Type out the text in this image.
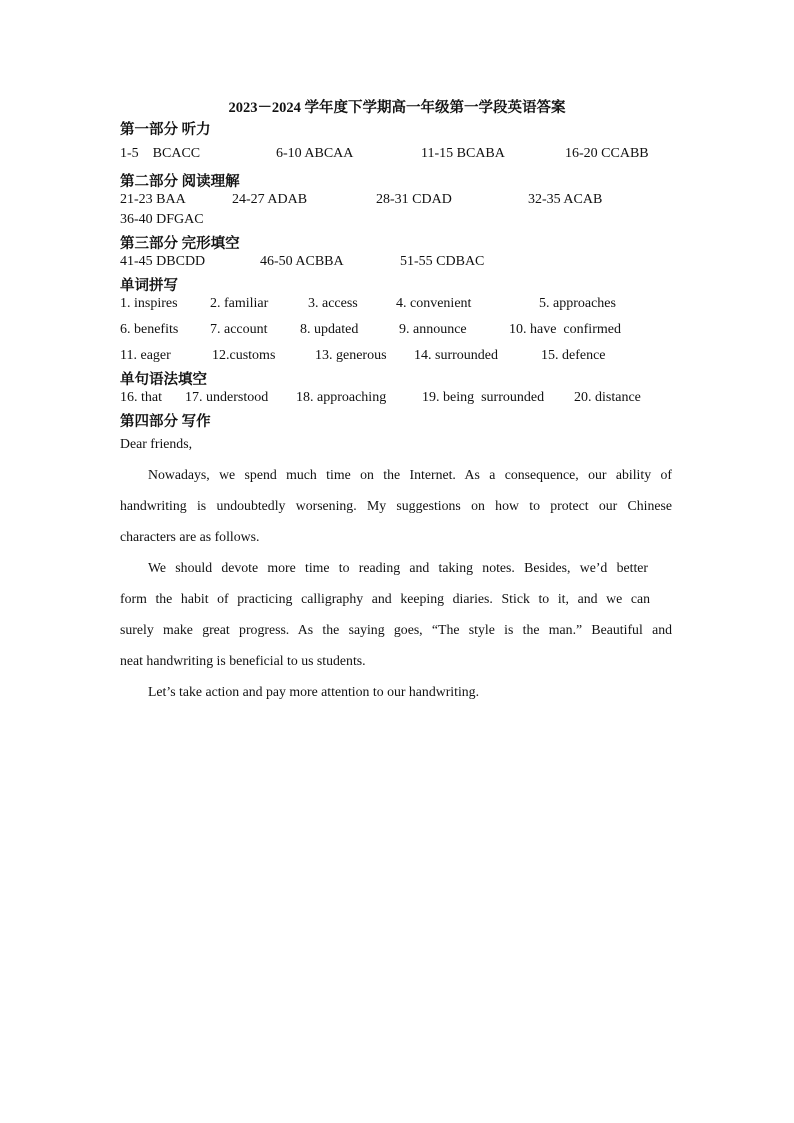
2023－2024 学年度下学期高一年级第一学段英语答案
第一部分 听力
1-5    BCACC	6-10 ABCAA	11-15 BCABA	16-20 CCABB
第二部分 阅读理解
21-23 BAA	24-27 ADAB	28-31 CDAD	32-35 ACAB
36-40 DFGAC
第三部分 完形填空
41-45 DBCDD	46-50 ACBBA	51-55 CDBAC
单词拼写
1. inspires 2. familiar	3. access	4. convenient	5. approaches
6. benefits 7. account 8. updated	9. announce	10. have  confirmed
11. eager	12.customs	13. generous 14. surrounded	15. defence
单句语法填空
16. that 17. understood 18. approaching	19. being  surrounded 20. distance
第四部分 写作
Dear friends,
Nowadays, we spend much time on the Internet. As a consequence, our ability of
handwriting is undoubtedly worsening. My suggestions on how to protect our Chinese
characters are as follows.
We should devote more time to reading and taking notes. Besides, we’d better
form the habit of practicing calligraphy and keeping diaries. Stick to it, and we can
surely make great progress. As the saying goes, “The style is the man.” Beautiful and
neat handwriting is beneficial to us students.
Let’s take action and pay more attention to our handwriting.
